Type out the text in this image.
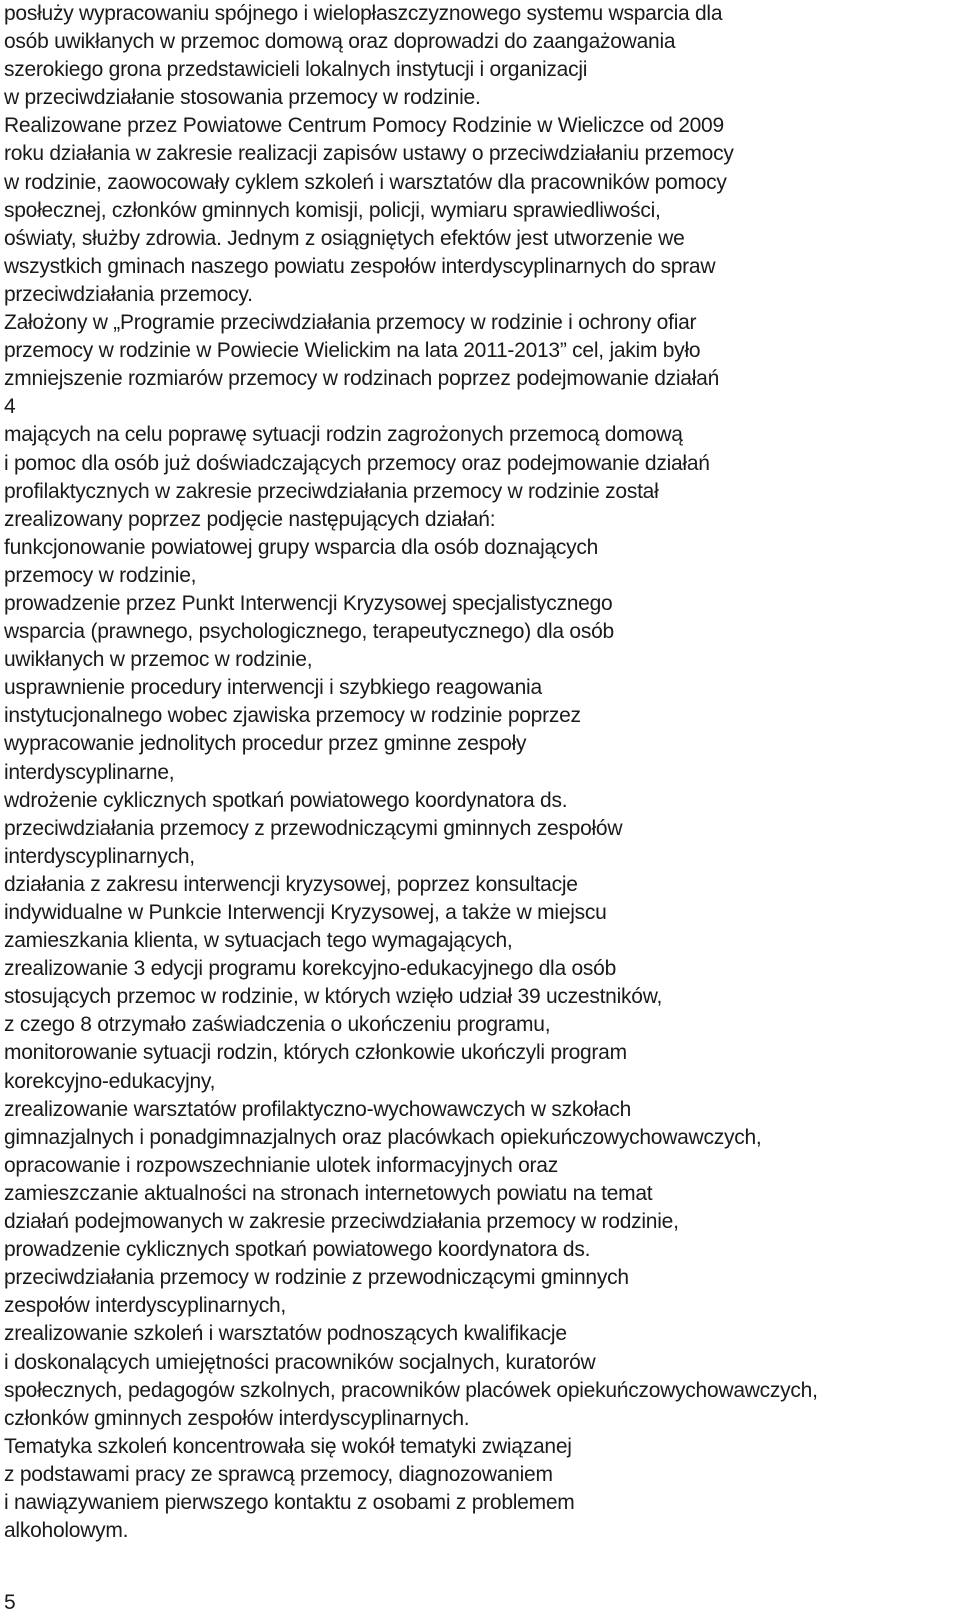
posłuży wypracowaniu spójnego i wielopłaszczyznowego systemu wsparcia dla
osób uwikłanych w przemoc domową oraz doprowadzi do zaangażowania
szerokiego grona przedstawicieli lokalnych instytucji i organizacji
w przeciwdziałanie stosowania przemocy w rodzinie.
Realizowane przez Powiatowe Centrum Pomocy Rodzinie w Wieliczce od 2009
roku działania w zakresie realizacji zapisów ustawy o przeciwdziałaniu przemocy
w rodzinie, zaowocowały cyklem szkoleń i warsztatów dla pracowników pomocy
społecznej, członków gminnych komisji, policji, wymiaru sprawiedliwości,
oświaty, służby zdrowia. Jednym z osiągniętych efektów jest utworzenie we
wszystkich gminach naszego powiatu zespołów interdyscyplinarnych do spraw
przeciwdziałania przemocy.
Założony w „Programie przeciwdziałania przemocy w rodzinie i ochrony ofiar
przemocy w rodzinie w Powiecie Wielickim na lata 2011-2013” cel, jakim było
zmniejszenie rozmiarów przemocy w rodzinach poprzez podejmowanie działań
4
mających na celu poprawę sytuacji rodzin zagrożonych przemocą domową
i pomoc dla osób już doświadczających przemocy oraz podejmowanie działań
profilaktycznych w zakresie przeciwdziałania przemocy w rodzinie został
zrealizowany poprzez podjęcie następujących działań:
funkcjonowanie powiatowej grupy wsparcia dla osób doznających
przemocy w rodzinie,
prowadzenie przez Punkt Interwencji Kryzysowej specjalistycznego
wsparcia (prawnego, psychologicznego, terapeutycznego) dla osób
uwikłanych w przemoc w rodzinie,
usprawnienie procedury interwencji i szybkiego reagowania
instytucjonalnego wobec zjawiska przemocy w rodzinie poprzez
wypracowanie jednolitych procedur przez gminne zespoły
interdyscyplinarne,
wdrożenie cyklicznych spotkań powiatowego koordynatora ds.
przeciwdziałania przemocy z przewodniczącymi gminnych zespołów
interdyscyplinarnych,
działania z zakresu interwencji kryzysowej, poprzez konsultacje
indywidualne w Punkcie Interwencji Kryzysowej, a także w miejscu
zamieszkania klienta, w sytuacjach tego wymagających,
zrealizowanie 3 edycji programu korekcyjno-edukacyjnego dla osób
stosujących przemoc w rodzinie, w których wzięło udział 39 uczestników,
z czego 8 otrzymało zaświadczenia o ukończeniu programu,
monitorowanie sytuacji rodzin, których członkowie ukończyli program
korekcyjno-edukacyjny,
zrealizowanie warsztatów profilaktyczno-wychowawczych w szkołach
gimnazjalnych i ponadgimnazjalnych oraz placówkach opiekuńczowychowawczych,
opracowanie i rozpowszechnianie ulotek informacyjnych oraz
zamieszczanie aktualności na stronach internetowych powiatu na temat
działań podejmowanych w zakresie przeciwdziałania przemocy w rodzinie,
prowadzenie cyklicznych spotkań powiatowego koordynatora ds.
przeciwdziałania przemocy w rodzinie z przewodniczącymi gminnych
zespołów interdyscyplinarnych,
zrealizowanie szkoleń i warsztatów podnoszących kwalifikacje
i doskonalących umiejętności pracowników socjalnych, kuratorów
społecznych, pedagogów szkolnych, pracowników placówek opiekuńczowychowawczych,
członków gminnych zespołów interdyscyplinarnych.
Tematyka szkoleń koncentrowała się wokół tematyki związanej
z podstawami pracy ze sprawcą przemocy, diagnozowaniem
i nawiązywaniem pierwszego kontaktu z osobami z problemem
alkoholowym.
5
